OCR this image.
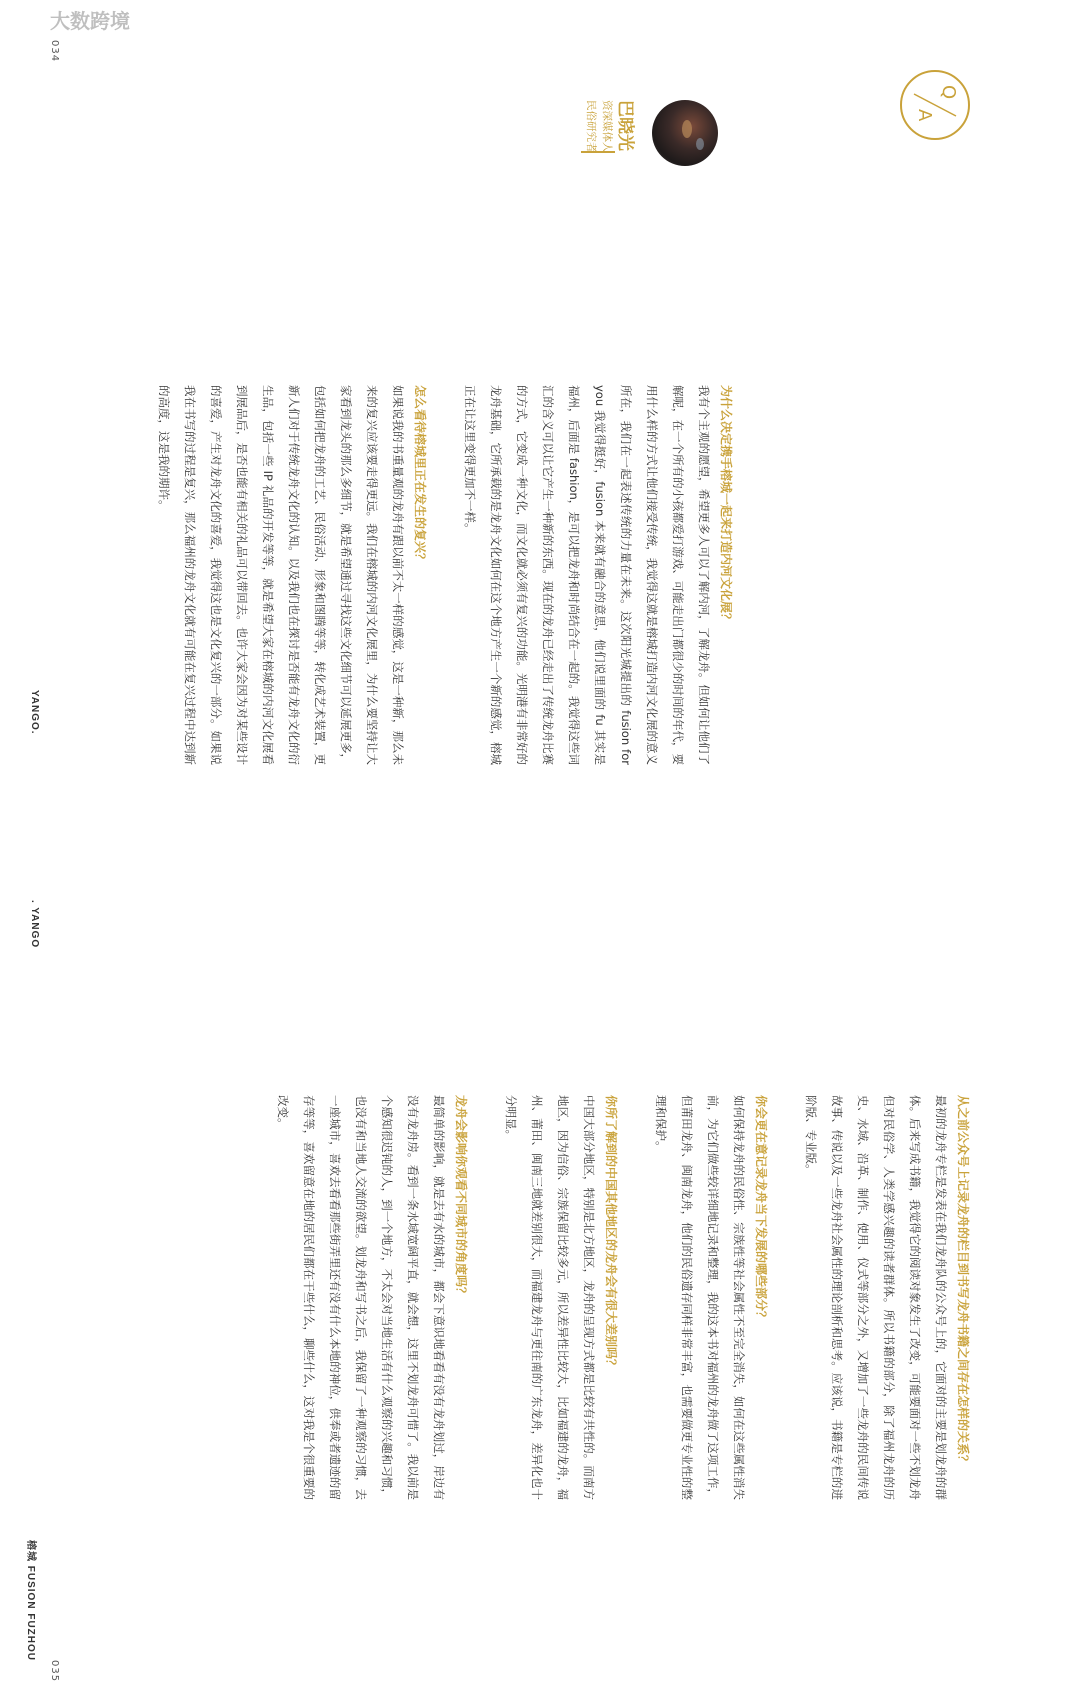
034
YANGO.
. YANGO
榕城 FUSION FUZHOU
035
Q
A
巴晓光
资深媒体人
民俗研究者

为什么决定携手榕城一起来打造内河文化展？

我有个主观的愿望，希望更多人可以了解内河，了解龙舟。但如何让他们了解呢，在一个所有的小孩都爱打游戏、可能走出门都很少的时间的年代，要用什么样的方式让他们接受传统，我觉得这就是榕城打造内河文化展的意义所在，我们在一起表述传统的力量在未来。这次阳光城提出的 fusion for you 我觉得挺好，fusion 本来就有融合的意思，他们说里面的 fu 其实是福州，后面是 fashion，是可以把龙舟和时尚结合在一起的。我觉得这些词汇的含义可以让它产生一种新的东西。现在的龙舟已经走出了传统龙舟比赛的方式，它变成一种文化，而文化就必须有复兴的功能。光明港有非常好的龙舟基础，它所承载的是龙舟文化如何在这个地方产生一个新的感觉，榕城正在让这里变得更加不一样。

怎么看待榕城里正在发生的复兴？

如果说我的书重量观的龙舟有跟以前不太一样的感觉，这是一种新，那么未来的复兴应该要走得更远。我们在榕城的内河文化展里，为什么要坚持让大家看到龙头的那么多细节，就是希望通过寻找这些文化细节可以延展更多，包括如何把龙舟的工艺、民俗活动、形象和图腾等等，转化成艺术装置，更新人们对于传统龙舟文化的认知。以及我们也在探讨是否能有龙舟文化的衍生品，包括一些 IP 礼品的开发等等，就是希望大家在榕城的内河文化展看到展品后，是否也能有相关的礼品可以带回去。也许大家会因为对某些设计的喜爱，产生对龙舟文化的喜爱，我觉得这也是文化复兴的一部分。如果说我在书写的过程是复兴，那么福州的龙舟文化就有可能在复兴过程中达到新的高度，这是我的期许。

从之前公众号上记录龙舟的栏目到书写龙舟书籍之间存在怎样的关系？

最初的龙舟专栏是发表在我们龙舟队的公众号上的，它面对的主要是划龙舟的群体。后来写成书籍，我觉得它的阅读对象发生了改变，可能要面对一些不划龙舟但对民俗学、人类学感兴趣的读者群体。所以书籍的部分，除了福州龙舟的历史、水域、沿革、制作、使用、仪式等部分之外，又增加了一些龙舟的民间传说故事、传说以及一些龙舟社会属性的理论剖析和思考。应该说，书籍是专栏的进阶版、专业版。

你会更在意记录龙舟当下发展的哪些部分？

如何保持龙舟的民俗性、宗族性等社会属性不至完全消失，如何在这些属性消失前，为它们做些较详细地记录和整理，我的这本书对福州的龙舟做了这项工作，但莆田龙舟、闽南龙舟，他们的民俗遗存同样非常丰富，也需要做更专业性的整理和保护。

你所了解到的中国其他地区的龙舟会有很大差别吗？

中国大部分地区，特别是北方地区，龙舟的呈现方式都是比较有共性的。而南方地区，因为信俗、宗族保留比较多元，所以差异性比较大，比如福建的龙舟，福州、莆田、闽南三地就差别很大，而福建龙舟与更往南的广东龙舟，差异化也十分明显。

龙舟会影响你观看不同城市的角度吗？

最简单的影响，就是去有水的城市，都会下意识地看看有没有龙舟划过，岸边有没有龙舟房。看到一条水域宽阔平直，就会想，这里不划龙舟可惜了。我以前是个感知很迟钝的人，到一个地方，不太会对当地生活有什么观察的兴趣和习惯，也没有和当地人交流的欲望。划龙舟和写书之后，我保留了一种观察的习惯，去一座城市，喜欢去看看那些街弄里还有没有什么本地的神位，供奉或者遗迹的留存等等，喜欢留意在地的居民们都在干些什么，聊些什么，这对我是个很重要的改变。

大数跨境
